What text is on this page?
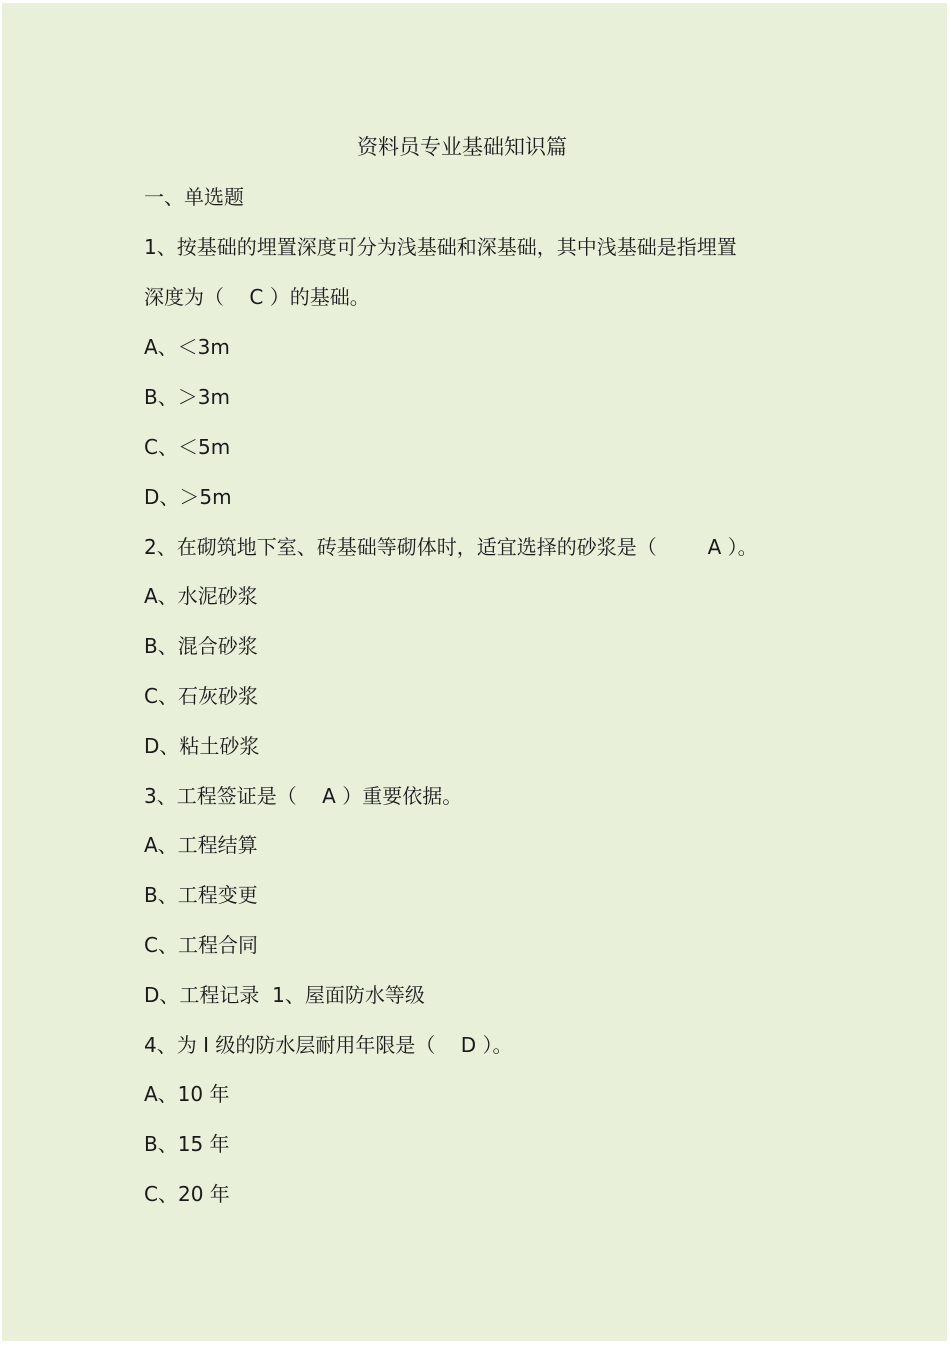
资料员专业基础知识篇
一、单选题
1、按基础的埋置深度可分为浅基础和深基础，其中浅基础是指埋置
深度为（    C ）的基础。
A、＜3m
B、＞3m
C、＜5m
D、＞5m
2、在砌筑地下室、砖基础等砌体时，适宜选择的砂浆是（        A ）。
A、水泥砂浆
B、混合砂浆
C、石灰砂浆
D、粘土砂浆
3、工程签证是（    A ）重要依据。
A、工程结算
B、工程变更
C、工程合同
D、工程记录  1、屋面防水等级
4、为 I 级的防水层耐用年限是（    D ）。
A、10 年
B、15 年
C、20 年
